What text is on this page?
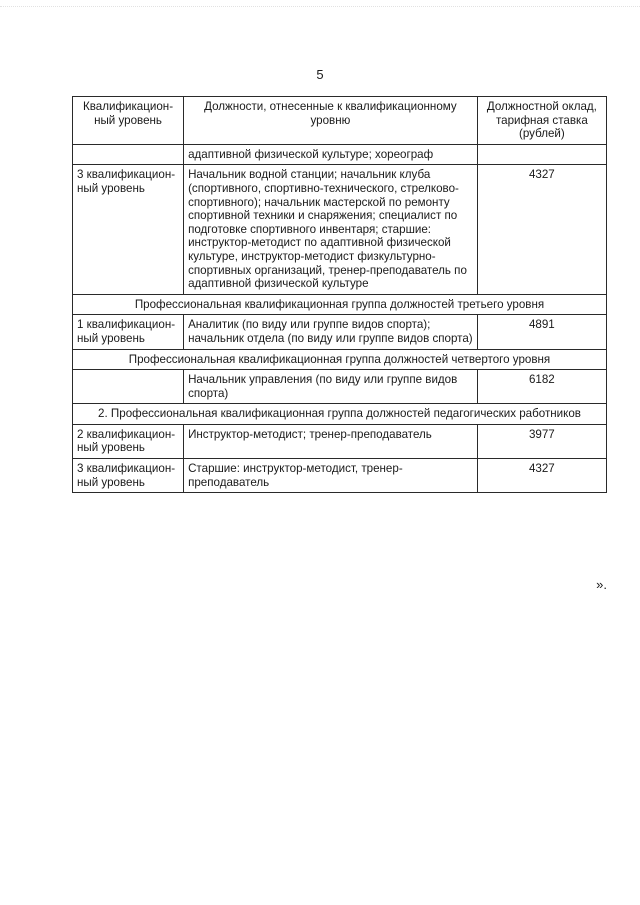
5
Квалификацион-ный уровень	Должности, отнесенные к квалификационному уровню	Должностной оклад, тарифная ставка (рублей)
	адаптивной физической культуре; хореограф	
3 квалификацион-ный уровень	Начальник водной станции; начальник клуба (спортивного, спортивно-технического, стрелково-спортивного); начальник мастерской по ремонту спортивной техники и снаряжения; специалист по подготовке спортивного инвентаря; старшие: инструктор-методист по адаптивной физической культуре, инструктор-методист физкультурно-спортивных организаций, тренер-преподаватель по адаптивной физической культуре	4327
Профессиональная квалификационная группа должностей третьего уровня		
1 квалификацион-ный уровень	Аналитик (по виду или группе видов спорта); начальник отдела (по виду или группе видов спорта)	4891
Профессиональная квалификационная группа должностей четвертого уровня		
	Начальник управления (по виду или группе видов спорта)	6182
2. Профессиональная квалификационная группа должностей педагогических работников		
2 квалификацион-ный уровень	Инструктор-методист; тренер-преподаватель	3977
3 квалификацион-ный уровень	Старшие: инструктор-методист, тренер-преподаватель	4327
».
